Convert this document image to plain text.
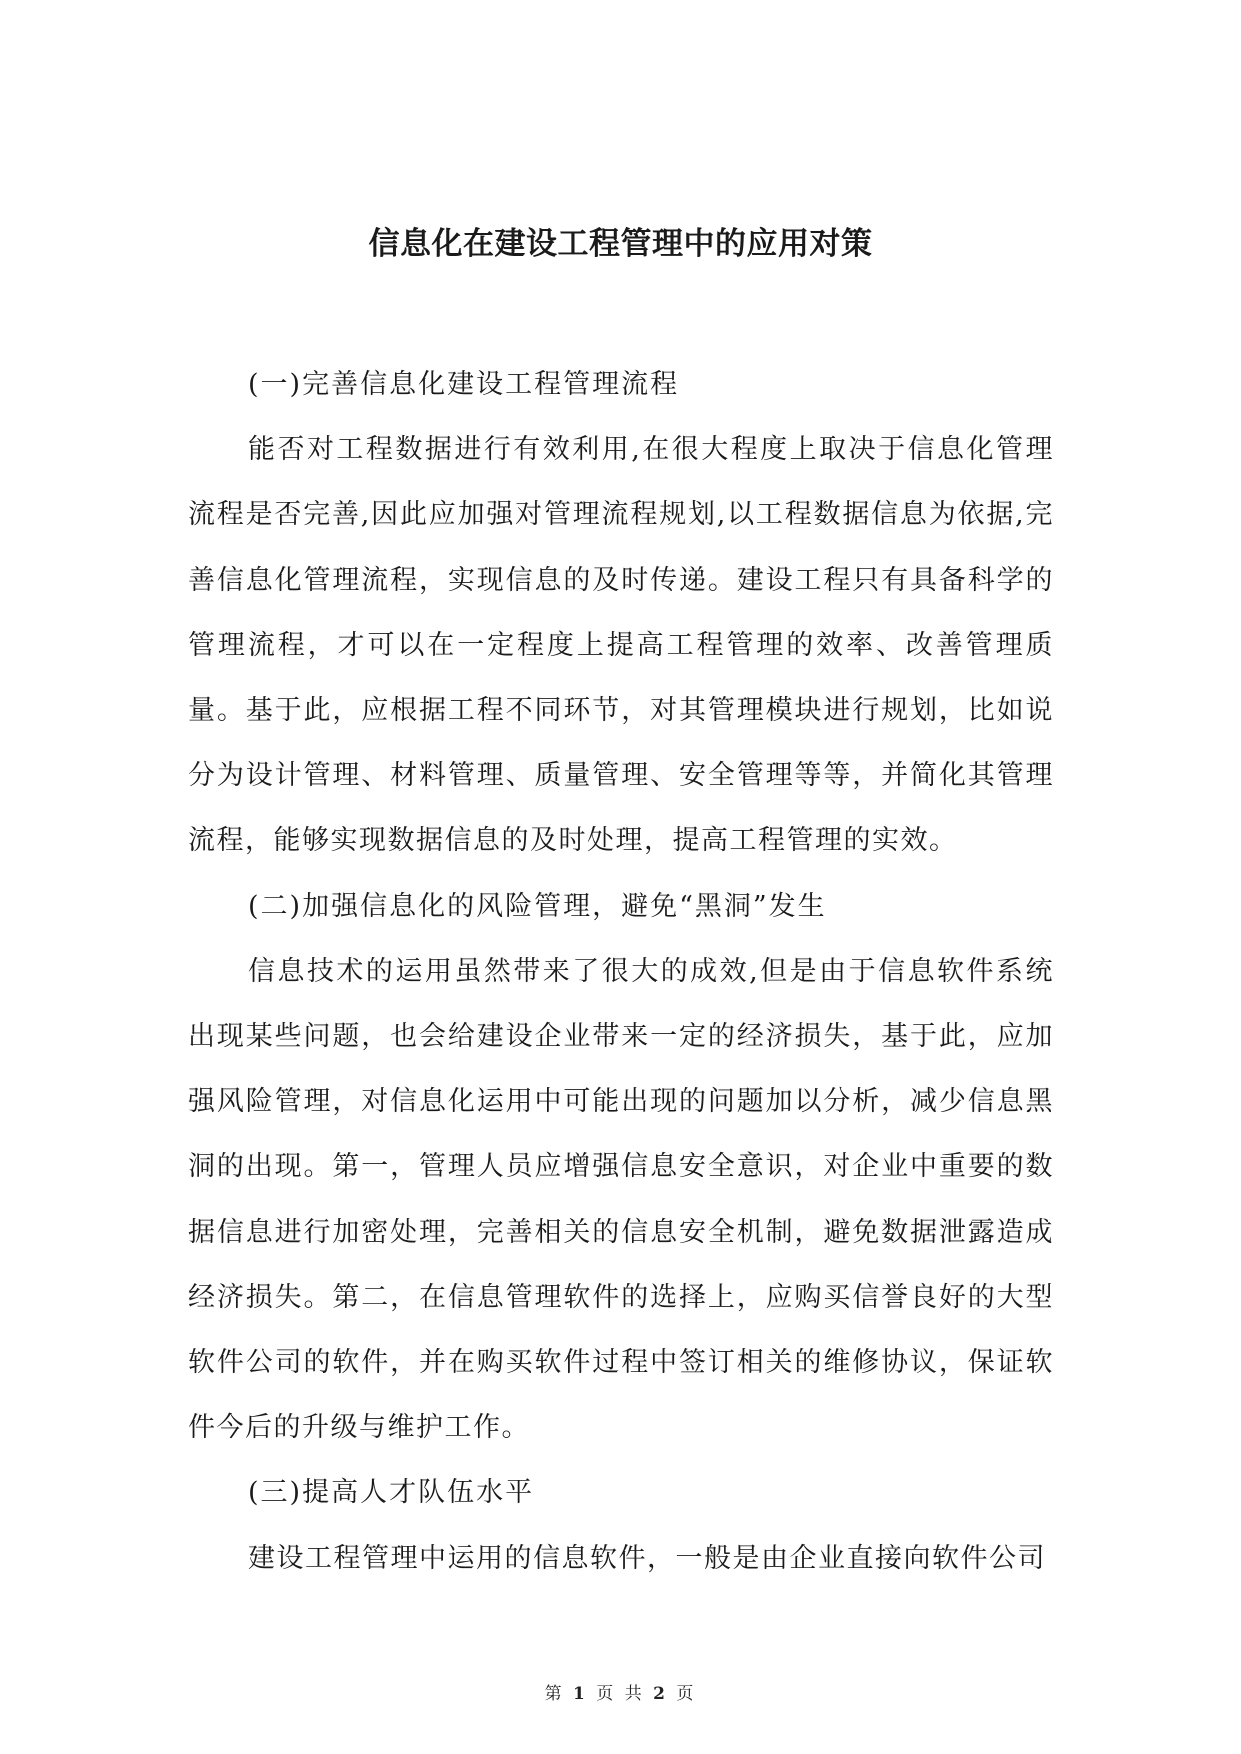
信息化在建设工程管理中的应用对策

(一)完善信息化建设工程管理流程

能否对工程数据进行有效利用,在很大程度上取决于信息化管理流程是否完善,因此应加强对管理流程规划,以工程数据信息为依据,完善信息化管理流程，实现信息的及时传递。建设工程只有具备科学的管理流程，才可以在一定程度上提高工程管理的效率、改善管理质量。基于此，应根据工程不同环节，对其管理模块进行规划，比如说分为设计管理、材料管理、质量管理、安全管理等等，并简化其管理流程，能够实现数据信息的及时处理，提高工程管理的实效。

(二)加强信息化的风险管理，避免“黑洞”发生

信息技术的运用虽然带来了很大的成效,但是由于信息软件系统出现某些问题，也会给建设企业带来一定的经济损失，基于此，应加强风险管理，对信息化运用中可能出现的问题加以分析，减少信息黑洞的出现。第一，管理人员应增强信息安全意识，对企业中重要的数据信息进行加密处理，完善相关的信息安全机制，避免数据泄露造成经济损失。第二，在信息管理软件的选择上，应购买信誉良好的大型软件公司的软件，并在购买软件过程中签订相关的维修协议，保证软件今后的升级与维护工作。

(三)提高人才队伍水平

建设工程管理中运用的信息软件，一般是由企业直接向软件公司

第 1 页 共 2 页
